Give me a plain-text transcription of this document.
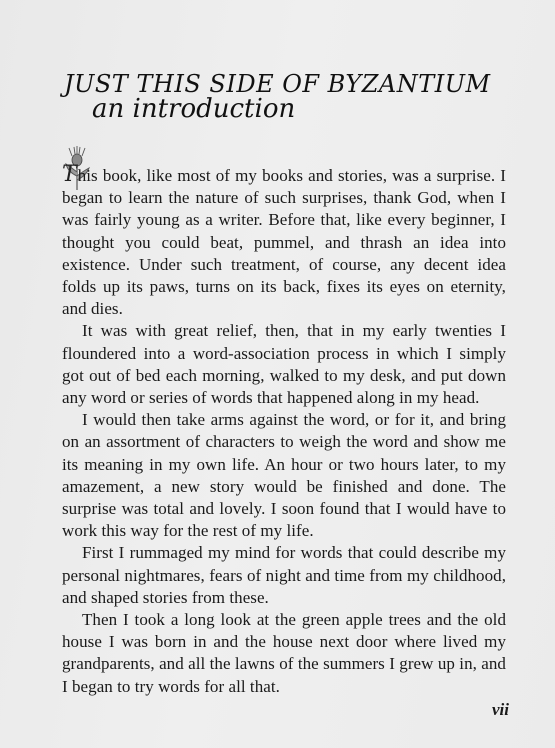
JUST THIS SIDE OF BYZANTIUM
an introduction

This book, like most of my books and stories, was a surprise. I began to learn the nature of such surprises, thank God, when I was fairly young as a writer. Before that, like every beginner, I thought you could beat, pummel, and thrash an idea into existence. Under such treatment, of course, any decent idea folds up its paws, turns on its back, fixes its eyes on eternity, and dies.

It was with great relief, then, that in my early twenties I floundered into a word-association process in which I simply got out of bed each morning, walked to my desk, and put down any word or series of words that happened along in my head.

I would then take arms against the word, or for it, and bring on an assortment of characters to weigh the word and show me its meaning in my own life. An hour or two hours later, to my amazement, a new story would be finished and done. The surprise was total and lovely. I soon found that I would have to work this way for the rest of my life.

First I rummaged my mind for words that could describe my personal nightmares, fears of night and time from my childhood, and shaped stories from these.

Then I took a long look at the green apple trees and the old house I was born in and the house next door where lived my grandparents, and all the lawns of the summers I grew up in, and I began to try words for all that.

vii
